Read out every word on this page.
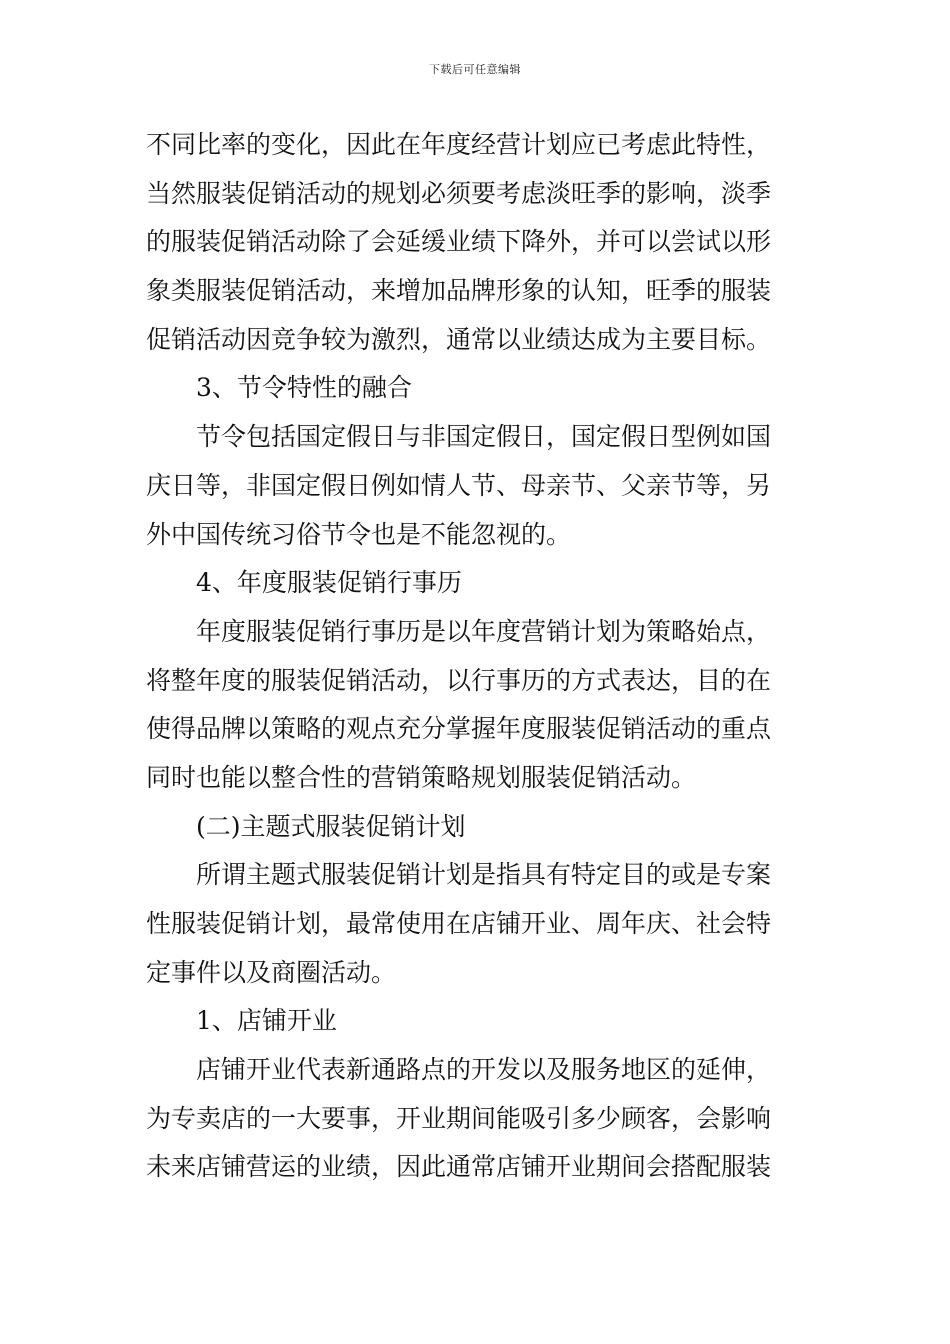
下载后可任意编辑
不同比率的变化，因此在年度经营计划应已考虑此特性，
当然服装促销活动的规划必须要考虑淡旺季的影响，淡季
的服装促销活动除了会延缓业绩下降外，并可以尝试以形
象类服装促销活动，来增加品牌形象的认知，旺季的服装
促销活动因竞争较为激烈，通常以业绩达成为主要目标。
3、节令特性的融合
节令包括国定假日与非国定假日，国定假日型例如国
庆日等，非国定假日例如情人节、母亲节、父亲节等，另
外中国传统习俗节令也是不能忽视的。
4、年度服装促销行事历
年度服装促销行事历是以年度营销计划为策略始点，
将整年度的服装促销活动，以行事历的方式表达，目的在
使得品牌以策略的观点充分掌握年度服装促销活动的重点
同时也能以整合性的营销策略规划服装促销活动。
(二)主题式服装促销计划
所谓主题式服装促销计划是指具有特定目的或是专案
性服装促销计划，最常使用在店铺开业、周年庆、社会特
定事件以及商圈活动。
1、店铺开业
店铺开业代表新通路点的开发以及服务地区的延伸，
为专卖店的一大要事，开业期间能吸引多少顾客，会影响
未来店铺营运的业绩，因此通常店铺开业期间会搭配服装
